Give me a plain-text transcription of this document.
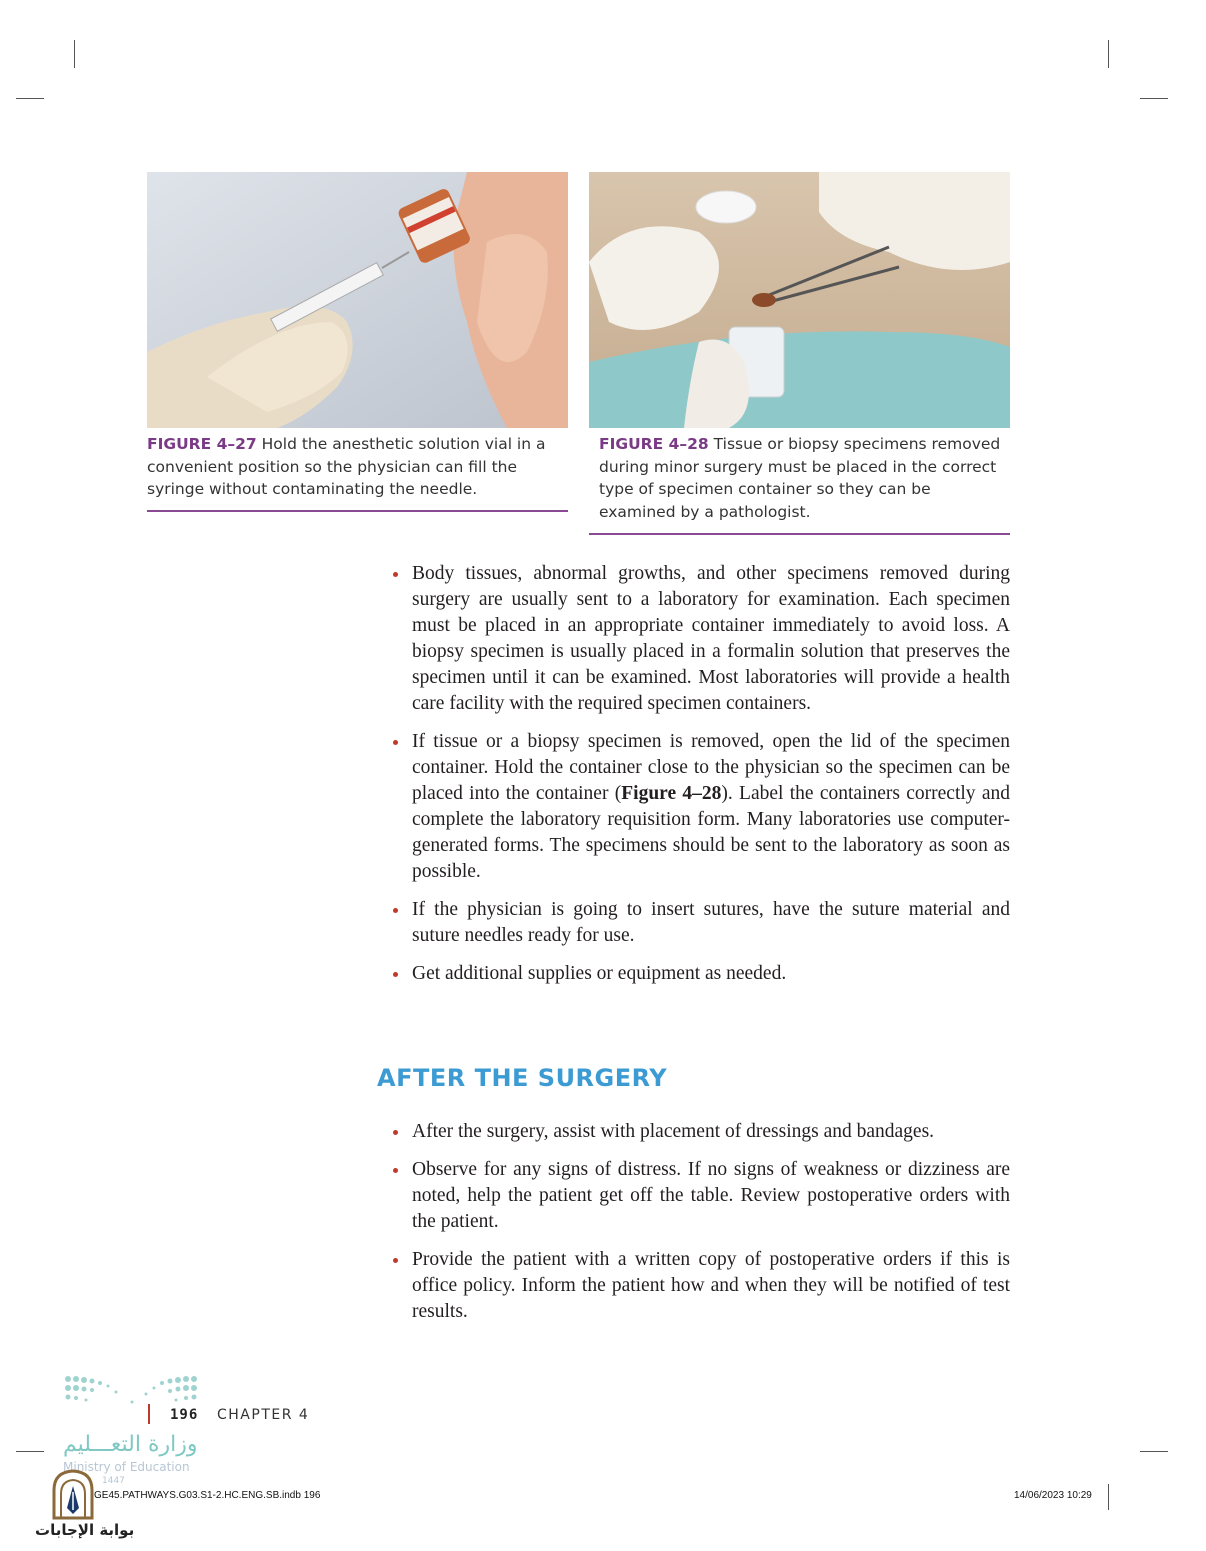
FIGURE 4–27 Hold the anesthetic solution vial in a convenient position so the physician can fill the syringe without contaminating the needle.
FIGURE 4–28 Tissue or biopsy specimens removed during minor surgery must be placed in the correct type of specimen container so they can be examined by a pathologist.
Body tissues, abnormal growths, and other specimens removed during surgery are usually sent to a laboratory for examination. Each specimen must be placed in an appropriate container immediately to avoid loss. A biopsy specimen is usually placed in a formalin solution that preserves the specimen until it can be examined. Most laboratories will provide a health care facility with the required specimen containers.
If tissue or a biopsy specimen is removed, open the lid of the specimen container. Hold the container close to the physician so the specimen can be placed into the container (Figure 4–28). Label the containers correctly and complete the laboratory requisition form. Many laboratories use computer-generated forms. The specimens should be sent to the laboratory as soon as possible.
If the physician is going to insert sutures, have the suture material and suture needles ready for use.
Get additional supplies or equipment as needed.
AFTER THE SURGERY
After the surgery, assist with placement of dressings and bandages.
Observe for any signs of distress. If no signs of weakness or dizziness are noted, help the patient get off the table. Review postoperative orders with the patient.
Provide the patient with a written copy of postoperative orders if this is office policy. Inform the patient how and when they will be notified of test results.
196 CHAPTER 4
وزارة التعـــليم
Ministry of Education
1447
GE45.PATHWAYS.G03.S1-2.HC.ENG.SB.indb 196	14/06/2023 10:29
بوابة الإجابات
